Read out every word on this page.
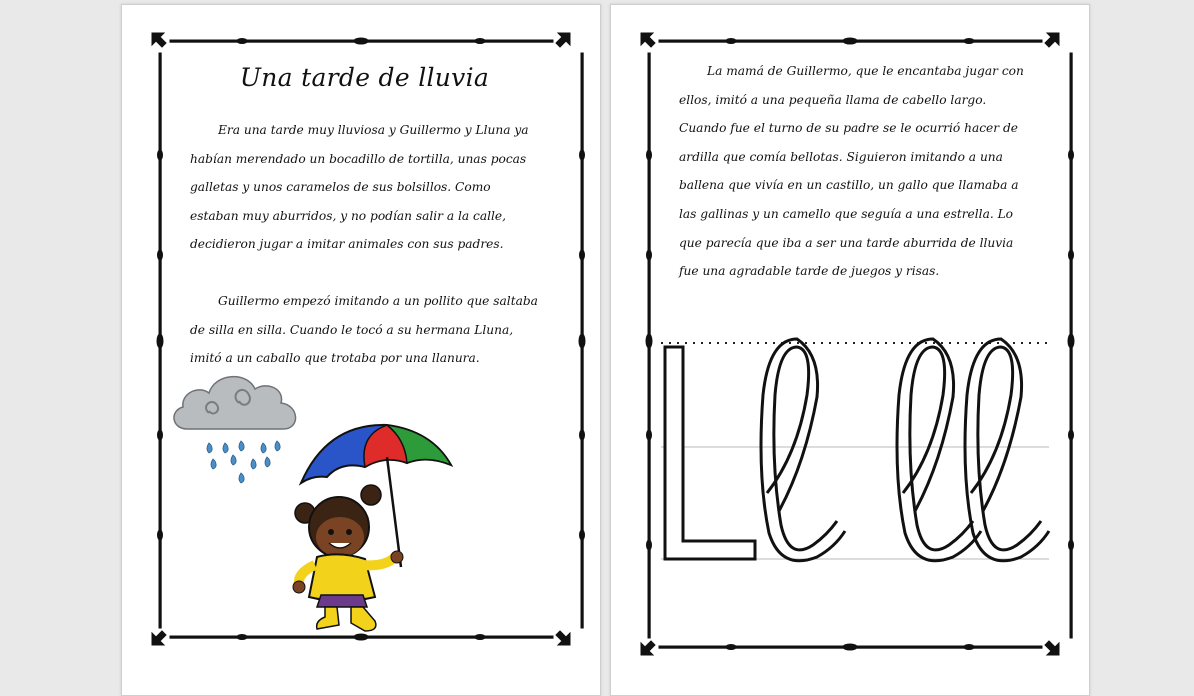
Una tarde de lluvia

Era una tarde muy lluviosa y Guillermo y Lluna ya habían merendado un bocadillo de tortilla, unas pocas galletas y unos caramelos de sus bolsillos. Como estaban muy aburridos, y no podían salir a la calle, decidieron jugar a imitar animales con sus padres.

Guillermo empezó imitando a un pollito que saltaba de silla en silla. Cuando le tocó a su hermana Lluna, imitó a un caballo que trotaba por una llanura.

La mamá de Guillermo, que le encantaba jugar con ellos, imitó a una pequeña llama de cabello largo. Cuando fue el turno de su padre se le ocurrió hacer de ardilla que comía bellotas. Siguieron imitando a una ballena que vivía en un castillo, un gallo que llamaba a las gallinas y un camello que seguía a una estrella. Lo que parecía que iba a ser una tarde aburrida de lluvia fue una agradable tarde de juegos y risas.
